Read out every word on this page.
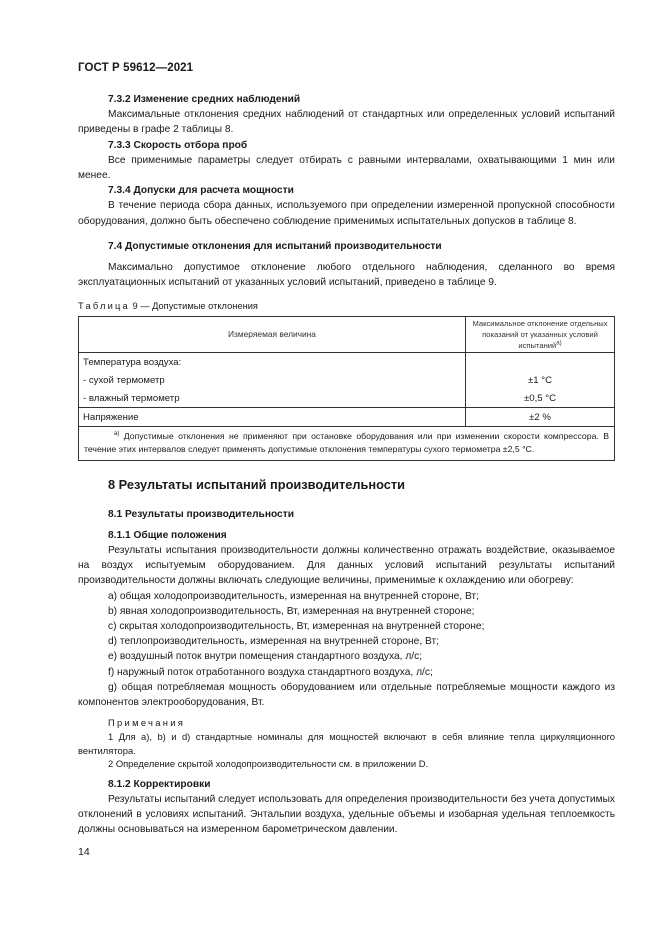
ГОСТ Р 59612—2021

7.3.2 Изменение средних наблюдений

Максимальные отклонения средних наблюдений от стандартных или определенных условий испытаний приведены в графе 2 таблицы 8.

7.3.3 Скорость отбора проб

Все применимые параметры следует отбирать с равными интервалами, охватывающими 1 мин или менее.

7.3.4 Допуски для расчета мощности

В течение периода сбора данных, используемого при определении измеренной пропускной способности оборудования, должно быть обеспечено соблюдение применимых испытательных допусков в таблице 8.

7.4 Допустимые отклонения для испытаний производительности

Максимально допустимое отклонение любого отдельного наблюдения, сделанного во время эксплуатационных испытаний от указанных условий испытаний, приведено в таблице 9.

Таблица 9 — Допустимые отклонения

Измеряемая величина	Максимальное отклонение отдельных показаний от указанных условий испытаний$^{a)}$
Температура воздуха:	
- сухой термометр	±1 °C
- влажный термометр	±0,5 °C
Напряжение	±2 %
$^{а)}$ Допустимые отклонения не применяют при остановке оборудования или при изменении скорости компрессора. В течение этих интервалов следует применять допустимые отклонения температуры сухого термометра ±2,5 °С.	

8 Результаты испытаний производительности

8.1 Результаты производительности

8.1.1 Общие положения

Результаты испытания производительности должны количественно отражать воздействие, оказываемое на воздух испытуемым оборудованием. Для данных условий испытаний результаты испытаний производительности должны включать следующие величины, применимые к охлаждению или обогреву:

а) общая холодопроизводительность, измеренная на внутренней стороне, Вт;

b) явная холодопроизводительность, Вт, измеренная на внутренней стороне;

c) скрытая холодопроизводительность, Вт, измеренная на внутренней стороне;

d) теплопроизводительность, измеренная на внутренней стороне, Вт;

e) воздушный поток внутри помещения стандартного воздуха, л/с;

f) наружный поток отработанного воздуха стандартного воздуха, л/с;

g) общая потребляемая мощность оборудованием или отдельные потребляемые мощности каждого из компонентов электрооборудования, Вт.

Примечания

1 Для a), b) и d) стандартные номиналы для мощностей включают в себя влияние тепла циркуляционного вентилятора.

2 Определение скрытой холодопроизводительности см. в приложении D.

8.1.2 Корректировки

Результаты испытаний следует использовать для определения производительности без учета допустимых отклонений в условиях испытаний. Энтальпии воздуха, удельные объемы и изобарная удельная теплоемкость должны основываться на измеренном барометрическом давлении.

14
